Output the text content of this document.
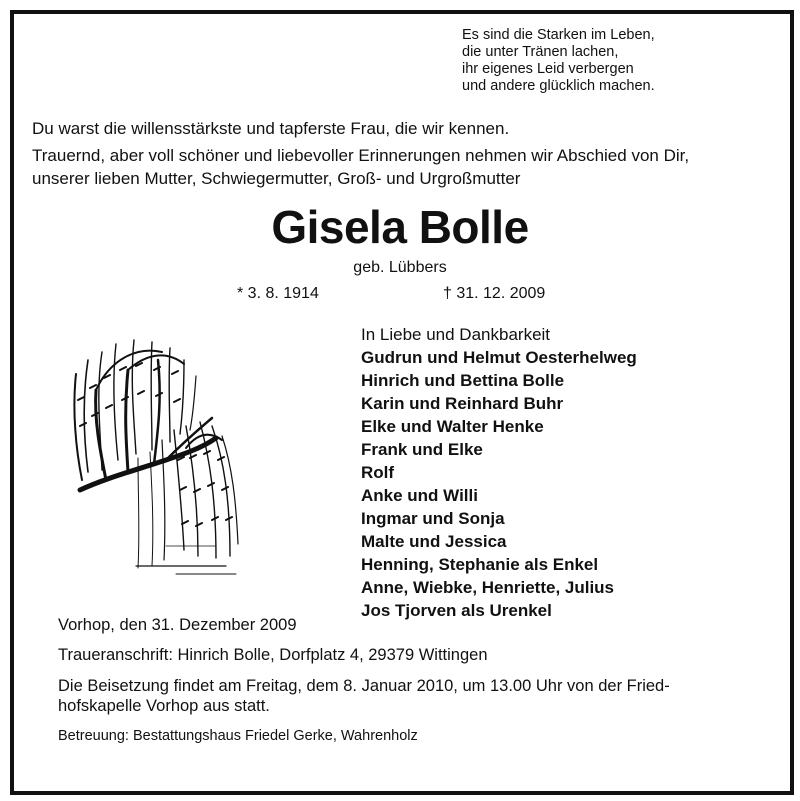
Es sind die Starken im Leben,
die unter Tränen lachen,
ihr eigenes Leid verbergen
und andere glücklich machen.
Du warst die willensstärkste und tapferste Frau, die wir kennen.
Trauernd, aber voll schöner und liebevoller Erinnerungen nehmen wir Abschied von Dir,
unserer lieben Mutter, Schwiegermutter, Groß- und Urgroßmutter
Gisela Bolle
geb. Lübbers
* 3. 8. 1914	† 31. 12. 2009
In Liebe und Dankbarkeit
Gudrun und Helmut Oesterhelweg
Hinrich und Bettina Bolle
Karin und Reinhard Buhr
Elke und Walter Henke
Frank und Elke
Rolf
Anke und Willi
Ingmar und Sonja
Malte und Jessica
Henning, Stephanie als Enkel
Anne, Wiebke, Henriette, Julius
Jos Tjorven als Urenkel
Vorhop, den 31. Dezember 2009
Traueranschrift: Hinrich Bolle, Dorfplatz 4, 29379 Wittingen
Die Beisetzung findet am Freitag, dem 8. Januar 2010, um 13.00 Uhr von der Fried-
hofskapelle Vorhop aus statt.
Betreuung: Bestattungshaus Friedel Gerke, Wahrenholz
